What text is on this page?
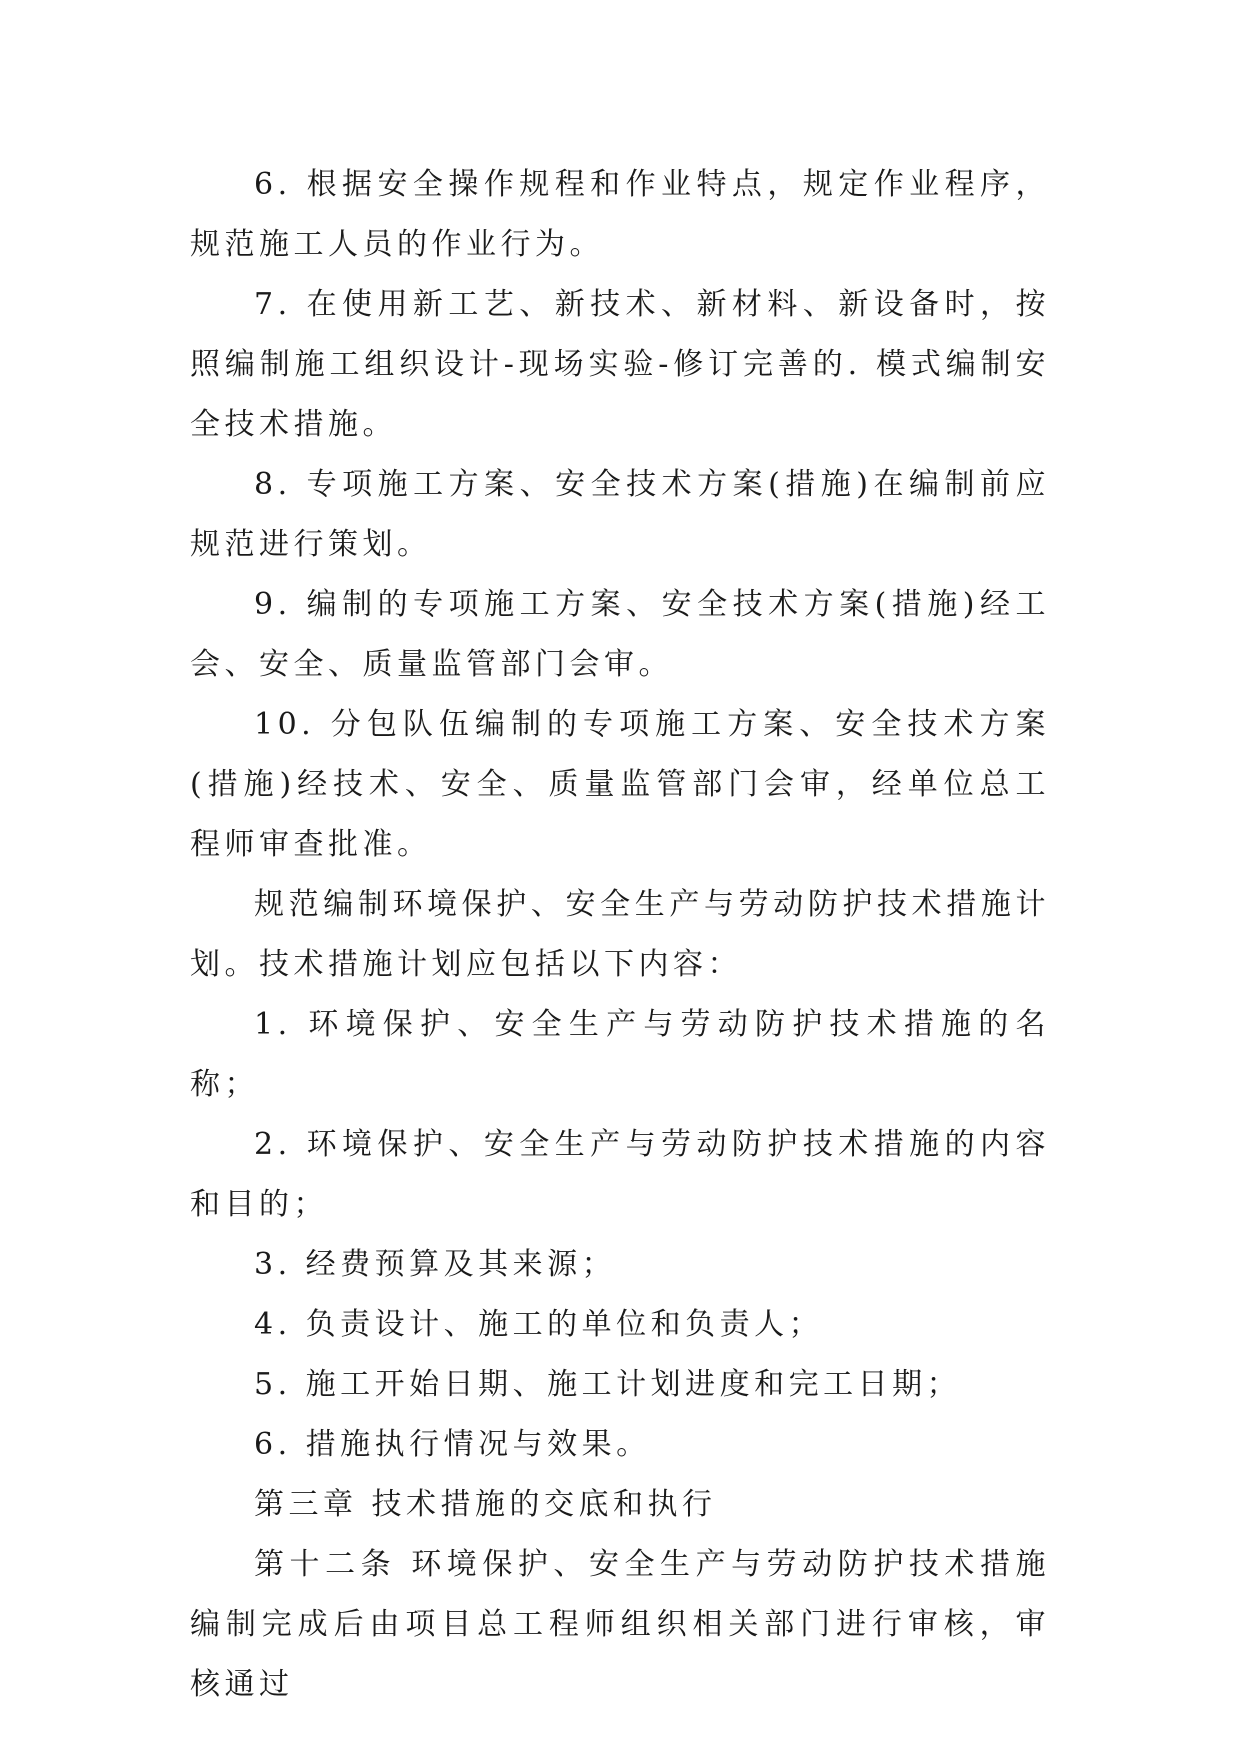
6. 根据安全操作规程和作业特点，规定作业程序，规范施工人员的作业行为。

7. 在使用新工艺、新技术、新材料、新设备时，按照编制施工组织设计-现场实验-修订完善的. 模式编制安全技术措施。

8. 专项施工方案、安全技术方案(措施)在编制前应规范进行策划。

9. 编制的专项施工方案、安全技术方案(措施)经工会、安全、质量监管部门会审。

10. 分包队伍编制的专项施工方案、安全技术方案(措施)经技术、安全、质量监管部门会审，经单位总工程师审查批准。

规范编制环境保护、安全生产与劳动防护技术措施计划。技术措施计划应包括以下内容：

1. 环境保护、安全生产与劳动防护技术措施的名称；

2. 环境保护、安全生产与劳动防护技术措施的内容和目的；

3. 经费预算及其来源；

4. 负责设计、施工的单位和负责人；

5. 施工开始日期、施工计划进度和完工日期；

6. 措施执行情况与效果。

第三章 技术措施的交底和执行

第十二条 环境保护、安全生产与劳动防护技术措施编制完成后由项目总工程师组织相关部门进行审核，审核通过
